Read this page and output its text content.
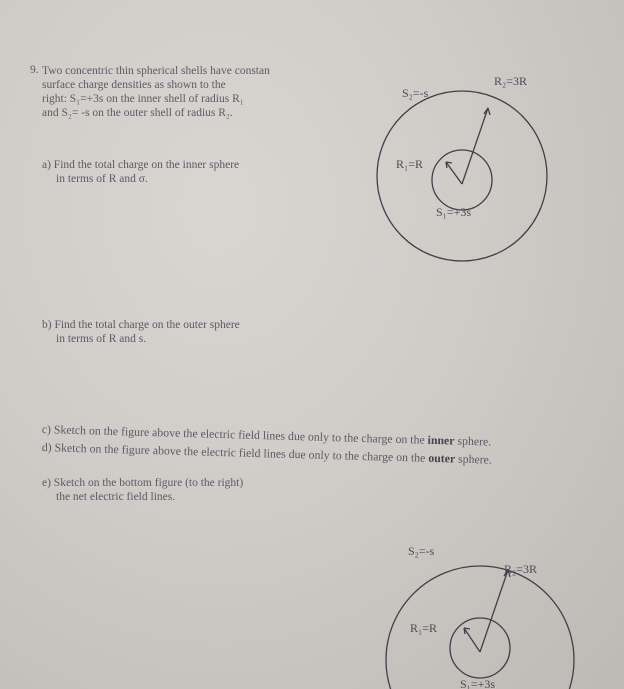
9. Two concentric thin spherical shells have constan
surface charge densities as shown to the
right: S₁=+3s on the inner shell of radius R₁
and S₂= -s on the outer shell of radius R₂.
a) Find the total charge on the inner sphere
in terms of R and σ.
b) Find the total charge on the outer sphere
in terms of R and s.
c) Sketch on the figure above the electric field lines due only to the charge on the inner sphere.
d) Sketch on the figure above the electric field lines due only to the charge on the outer sphere.
e) Sketch on the bottom figure (to the right)
the net electric field lines.
S₂=-s
R₂=3R
R₁=R
S₁=+3s
S₂=-s
R₂=3R
R₁=R
S₁=+3s
